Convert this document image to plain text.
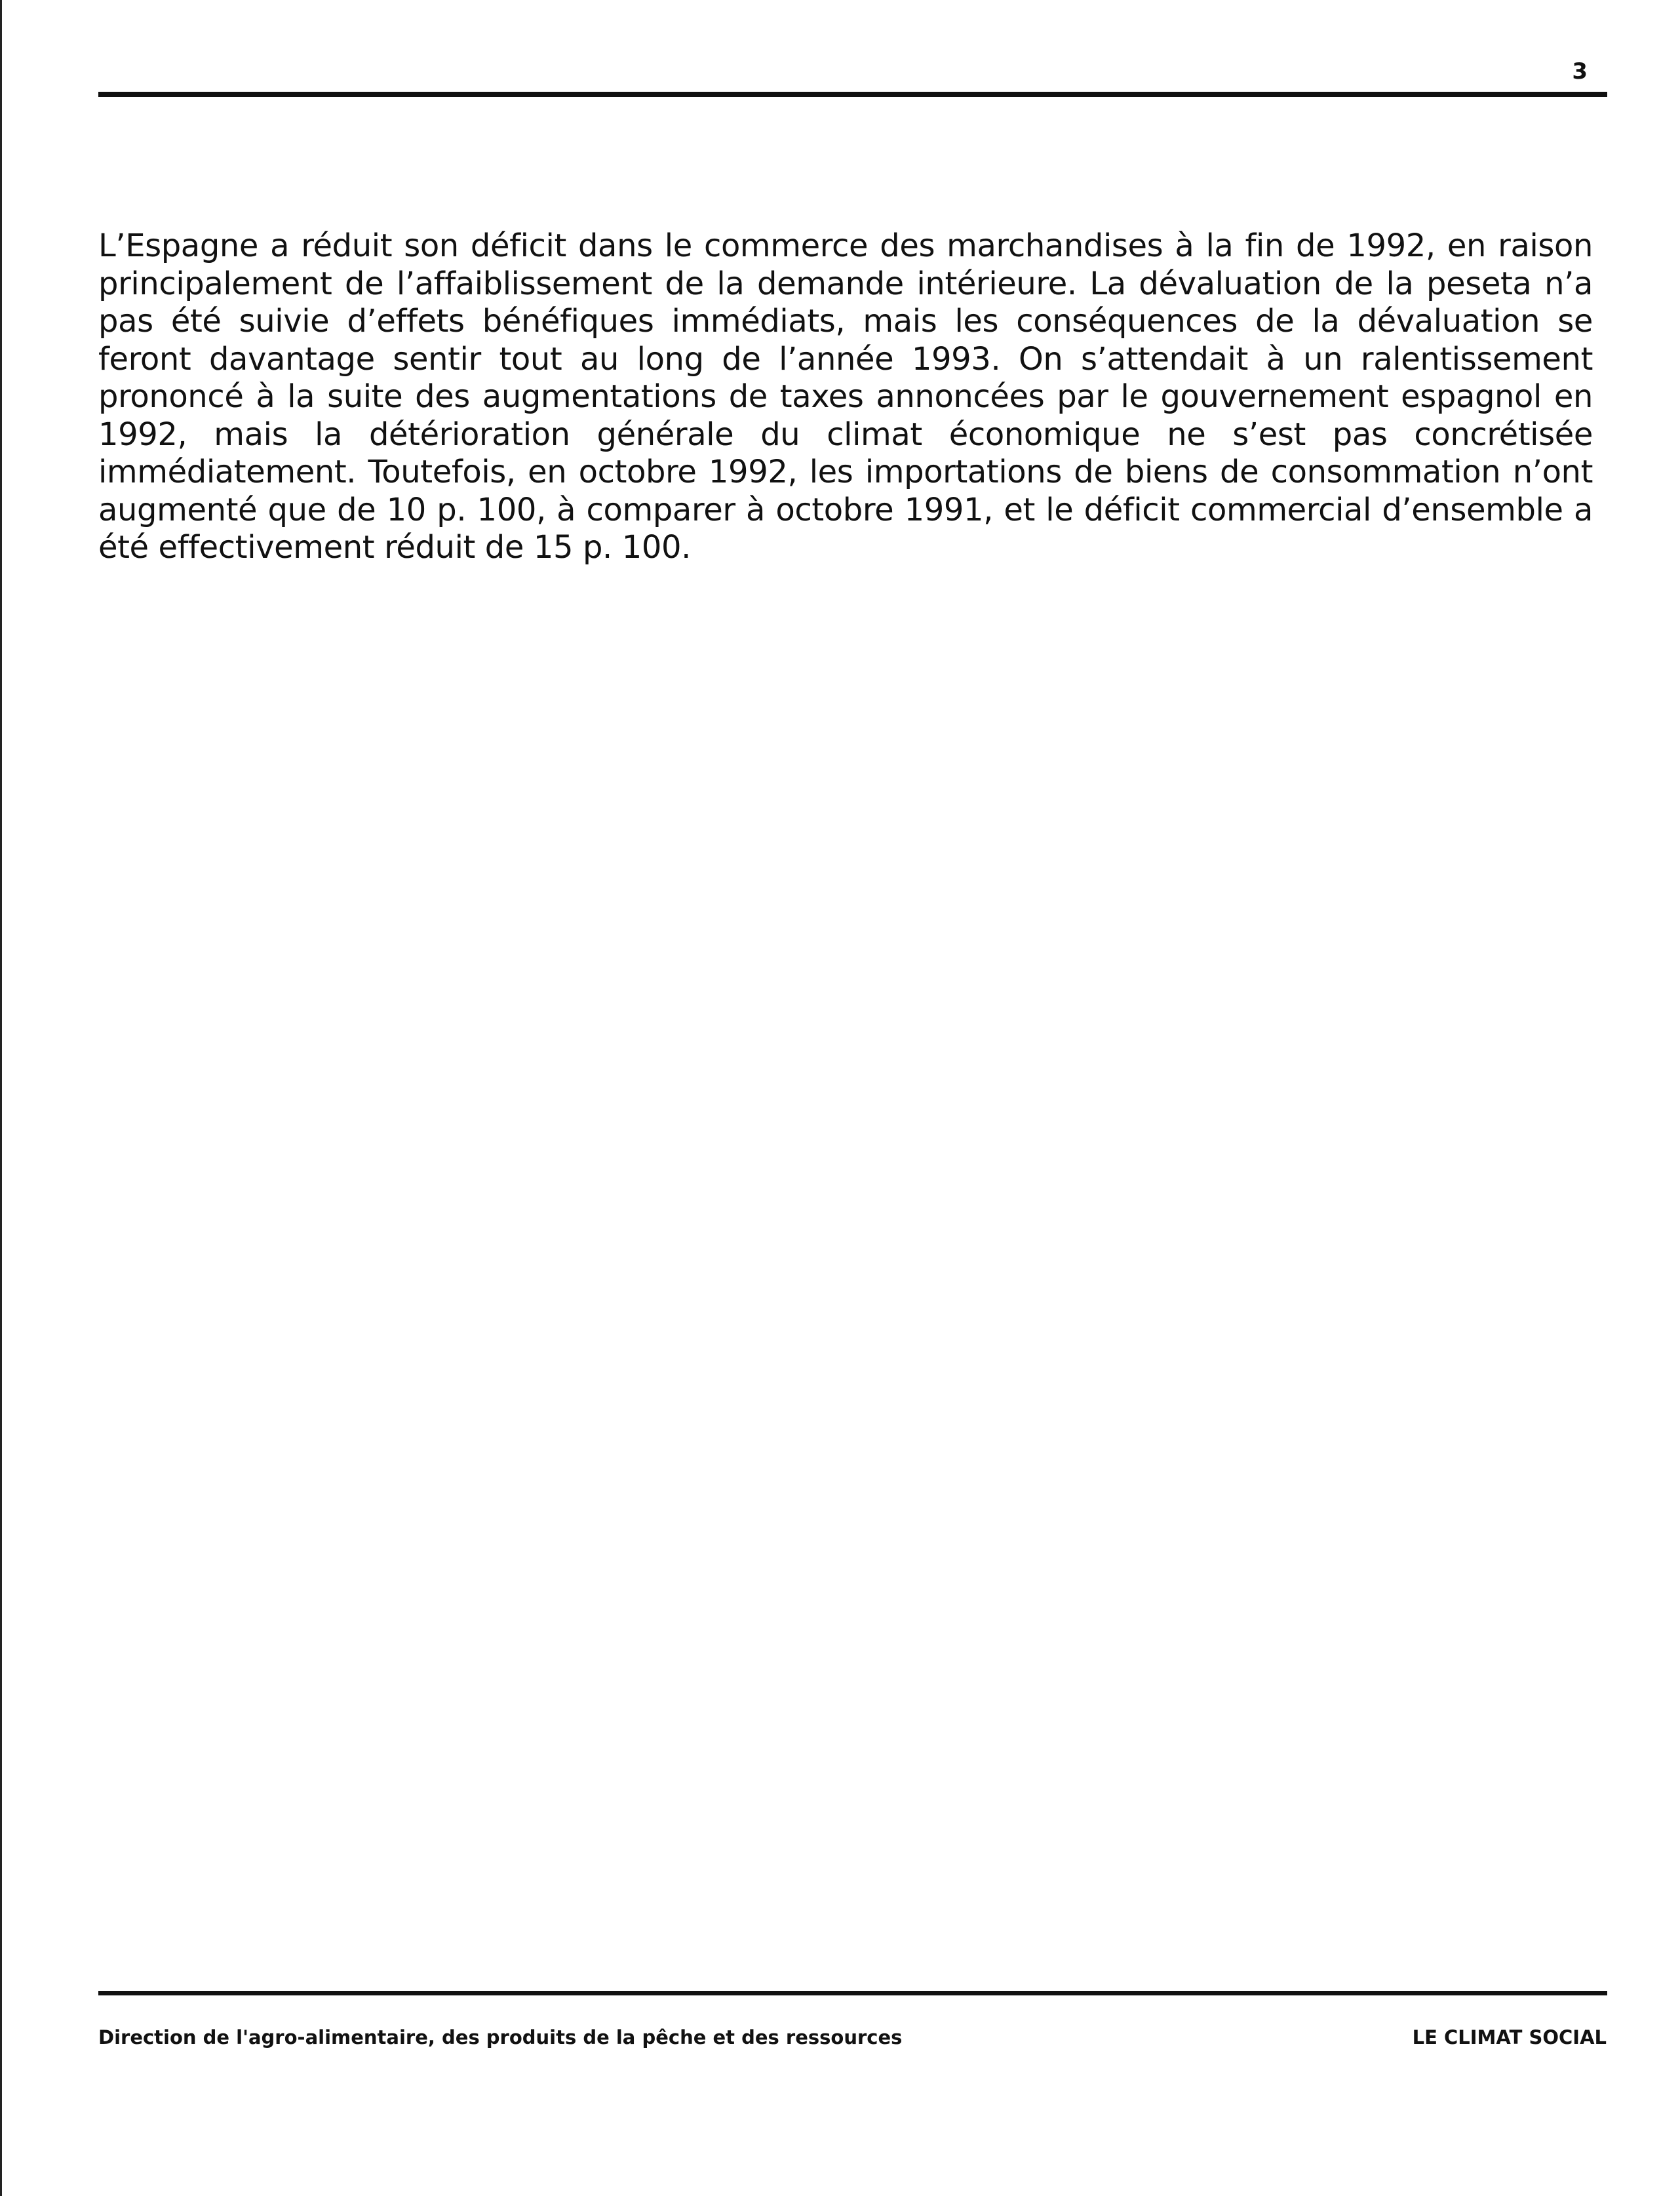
3

L’Espagne a réduit son déficit dans le commerce des marchandises à la fin de 1992, en raison principalement de l’affaiblissement de la demande intérieure. La dévaluation de la peseta n’a pas été suivie d’effets bénéfiques immédiats, mais les conséquences de la dévaluation se feront davantage sentir tout au long de l’année 1993. On s’attendait à un ralentissement prononcé à la suite des augmentations de taxes annoncées par le gouvernement espagnol en 1992, mais la détérioration générale du climat économique ne s’est pas concrétisée immédiatement. Toutefois, en octobre 1992, les importations de biens de consommation n’ont augmenté que de 10 p. 100, à comparer à octobre 1991, et le déficit commercial d’ensemble a été effectivement réduit de 15 p. 100.

Direction de l'agro-alimentaire, des produits de la pêche et des ressources	LE CLIMAT SOCIAL
